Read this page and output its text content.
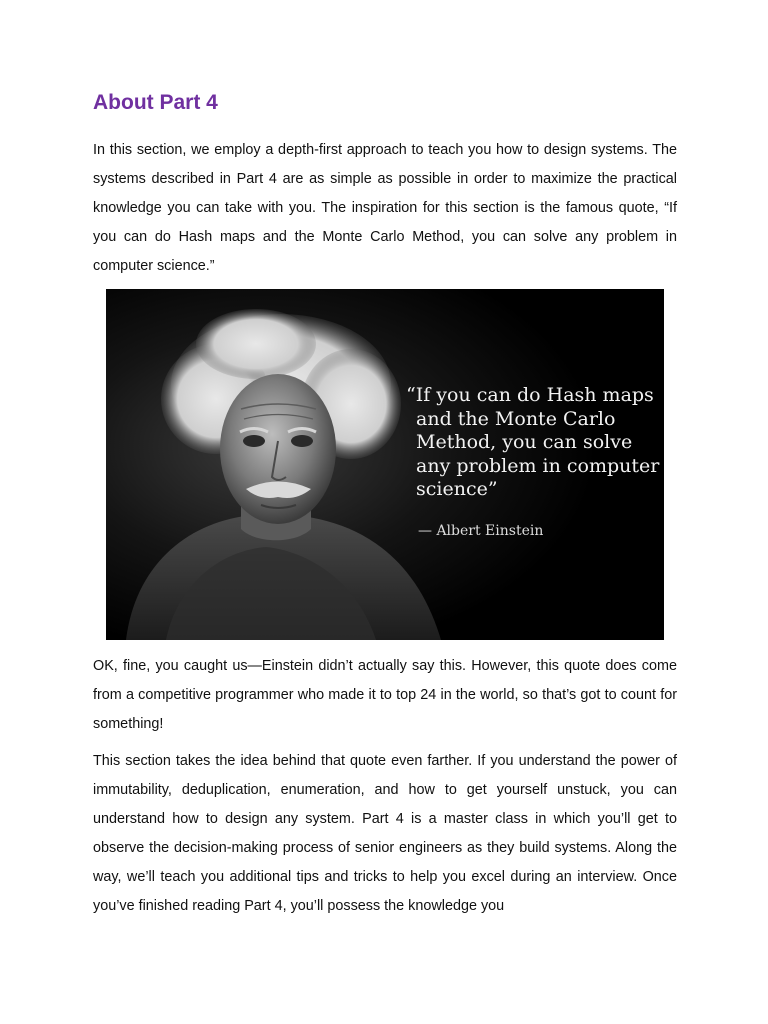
About Part 4

In this section, we employ a depth-first approach to teach you how to design systems. The systems described in Part 4 are as simple as possible in order to maximize the practical knowledge you can take with you. The inspiration for this section is the famous quote, “If you can do Hash maps and the Monte Carlo Method, you can solve any problem in computer science.”

“If you can do Hash maps and the Monte Carlo Method, you can solve any problem in computer science”
— Albert Einstein

OK, fine, you caught us—Einstein didn’t actually say this. However, this quote does come from a competitive programmer who made it to top 24 in the world, so that’s got to count for something!

This section takes the idea behind that quote even farther. If you understand the power of immutability, deduplication, enumeration, and how to get yourself unstuck, you can understand how to design any system. Part 4 is a master class in which you’ll get to observe the decision-making process of senior engineers as they build systems. Along the way, we’ll teach you additional tips and tricks to help you excel during an interview. Once you’ve finished reading Part 4, you’ll possess the knowledge you
